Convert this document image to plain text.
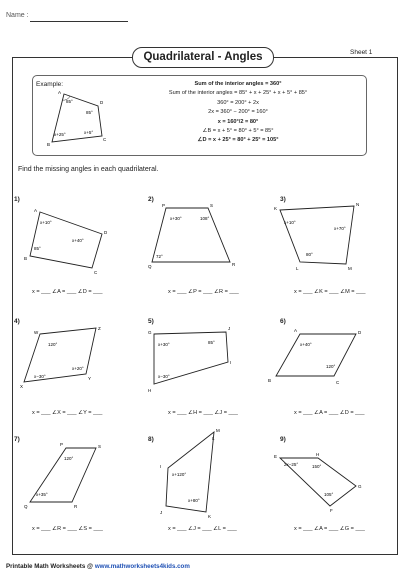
Name :
Quadrilateral - Angles	Sheet 1
Example:
A
B
C
D
85°
x+25°	x+5°
85°
Sum of the interior angles = 360°
Sum of the interior angles = 85° + x + 25° + x + 5° + 85°
360° = 200° + 2x
2x = 360° − 200° = 160°
x = 160°/2 = 80°
∠B = x + 5° = 80° + 5° = 85°
∠D = x + 25° = 80° + 25° = 105°
Find the missing angles in each quadrilateral.
1)
A
B
C
D
x+10°
x+40°
85°
x = ___ ∠A = ___ ∠D = ___
2)
P
Q	R
S
x+30°	108°
72°
x = ___ ∠P = ___ ∠R = ___
3)
K
L	M
N
x+10°
x+70°
80°
x = ___ ∠K = ___ ∠M = ___
4)
W
X
Y
Z
120°
x−30°
x+20°
x = ___ ∠X = ___ ∠Y = ___
5)
G
H
I
J
x+30°	85°
x−30°
x = ___ ∠H = ___ ∠J = ___
6)
A
B	C
D
x+40°
120°
x = ___ ∠A = ___ ∠D = ___
7)
P
Q	R
S
120°
x+35°
x = ___ ∠R = ___ ∠S = ___
8)
I
J
K
L
M
x+120°
x+80°
x = ___ ∠J = ___ ∠L = ___
9)
E
F
G
H
2x−25°	150°
105°
x = ___ ∠A = ___ ∠G = ___
Printable Math Worksheets @ www.mathworksheets4kids.com
